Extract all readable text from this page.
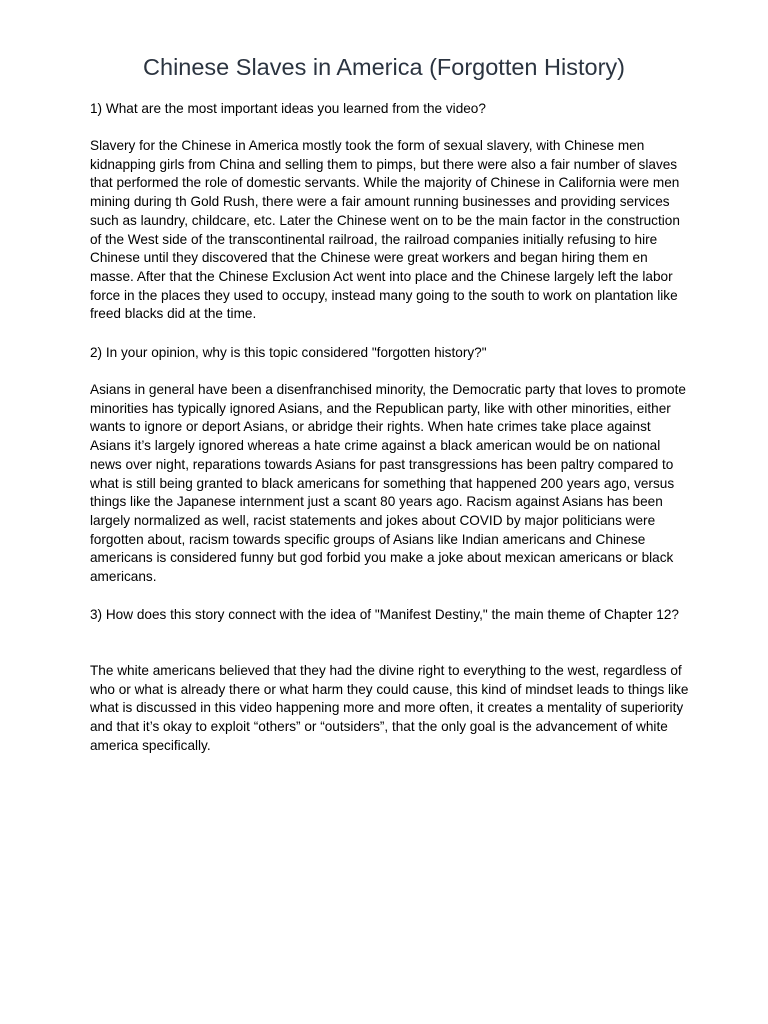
Chinese Slaves in America (Forgotten History)

1) What are the most important ideas you learned from the video?

Slavery for the Chinese in America mostly took the form of sexual slavery, with Chinese men kidnapping girls from China and selling them to pimps, but there were also a fair number of slaves that performed the role of domestic servants. While the majority of Chinese in California were men mining during th Gold Rush, there were a fair amount running businesses and providing services such as laundry, childcare, etc. Later the Chinese went on to be the main factor in the construction of the West side of the transcontinental railroad, the railroad companies initially refusing to hire Chinese until they discovered that the Chinese were great workers and began hiring them en masse. After that the Chinese Exclusion Act went into place and the Chinese largely left the labor force in the places they used to occupy, instead many going to the south to work on plantation like freed blacks did at the time.

2) In your opinion, why is this topic considered "forgotten history?"

Asians in general have been a disenfranchised minority, the Democratic party that loves to promote minorities has typically ignored Asians, and the Republican party, like with other minorities, either wants to ignore or deport Asians, or abridge their rights. When hate crimes take place against Asians it’s largely ignored whereas a hate crime against a black american would be on national news over night, reparations towards Asians for past transgressions has been paltry compared to what is still being granted to black americans for something that happened 200 years ago, versus things like the Japanese internment just a scant 80 years ago. Racism against Asians has been largely normalized as well, racist statements and jokes about COVID by major politicians were forgotten about, racism towards specific groups of Asians like Indian americans and Chinese americans is considered funny but god forbid you make a joke about mexican americans or black americans.

3) How does this story connect with the idea of "Manifest Destiny," the main theme of Chapter 12?

The white americans believed that they had the divine right to everything to the west, regardless of who or what is already there or what harm they could cause, this kind of mindset leads to things like what is discussed in this video happening more and more often, it creates a mentality of superiority and that it’s okay to exploit “others” or “outsiders”, that the only goal is the advancement of white america specifically.
